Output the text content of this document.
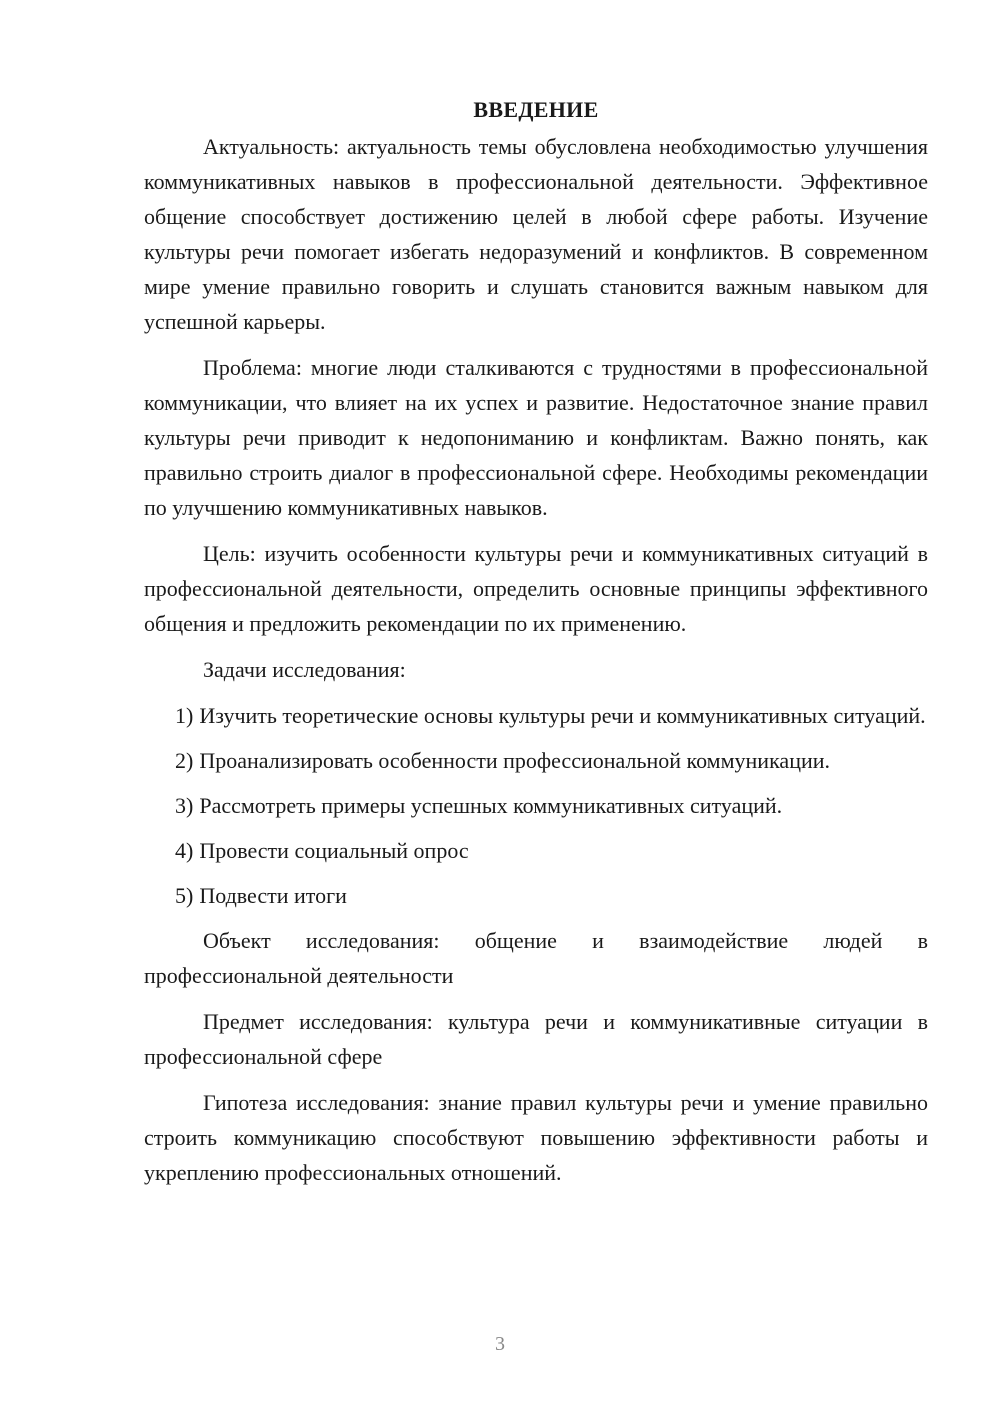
ВВЕДЕНИЕ

Актуальность: актуальность темы обусловлена необходимостью улучшения коммуникативных навыков в профессиональной деятельности. Эффективное общение способствует достижению целей в любой сфере работы. Изучение культуры речи помогает избегать недоразумений и конфликтов. В современном мире умение правильно говорить и слушать становится важным навыком для успешной карьеры.

Проблема: многие люди сталкиваются с трудностями в профессиональной коммуникации, что влияет на их успех и развитие. Недостаточное знание правил культуры речи приводит к недопониманию и конфликтам. Важно понять, как правильно строить диалог в профессиональной сфере. Необходимы рекомендации по улучшению коммуникативных навыков.

Цель: изучить особенности культуры речи и коммуникативных ситуаций в профессиональной деятельности, определить основные принципы эффективного общения и предложить рекомендации по их применению.

Задачи исследования:

1) Изучить теоретические основы культуры речи и коммуникативных ситуаций.

2) Проанализировать особенности профессиональной коммуникации.

3) Рассмотреть примеры успешных коммуникативных ситуаций.

4) Провести социальный опрос

5) Подвести итоги

Объект исследования: общение и взаимодействие людей в профессиональной деятельности

Предмет исследования: культура речи и коммуникативные ситуации в профессиональной сфере

Гипотеза исследования: знание правил культуры речи и умение правильно строить коммуникацию способствуют повышению эффективности работы и укреплению профессиональных отношений.

3
